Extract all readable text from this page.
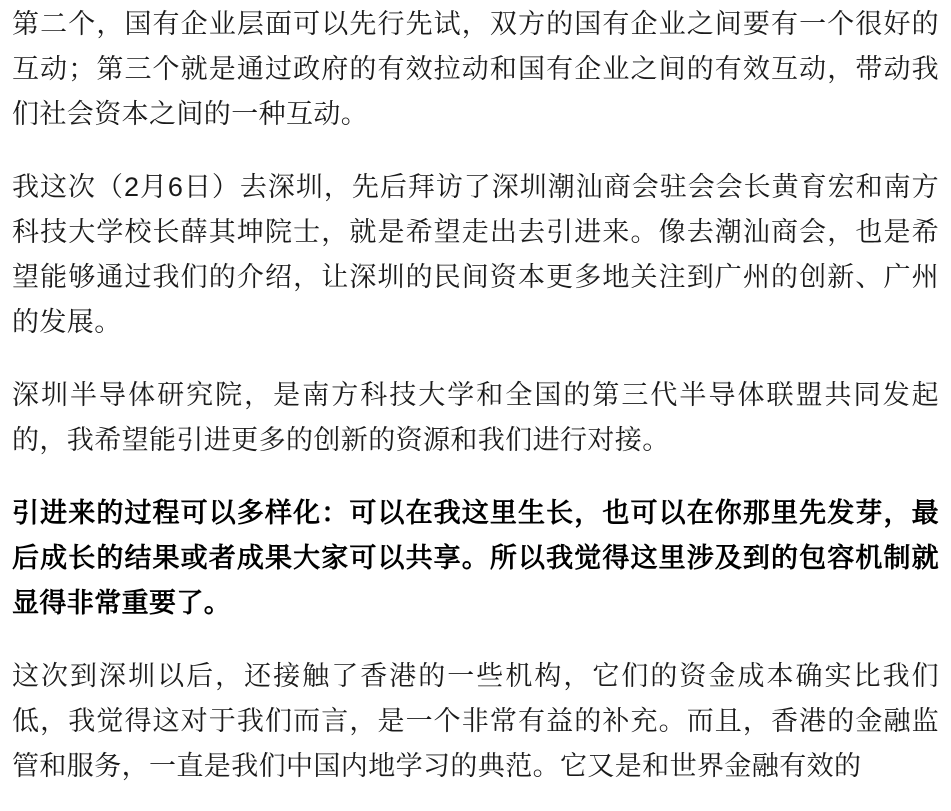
第二个，国有企业层面可以先行先试，双方的国有企业之间要有一个很好的互动；第三个就是通过政府的有效拉动和国有企业之间的有效互动，带动我们社会资本之间的一种互动。

我这次（2月6日）去深圳，先后拜访了深圳潮汕商会驻会会长黄育宏和南方科技大学校长薛其坤院士，就是希望走出去引进来。像去潮汕商会，也是希望能够通过我们的介绍，让深圳的民间资本更多地关注到广州的创新、广州的发展。

深圳半导体研究院，是南方科技大学和全国的第三代半导体联盟共同发起的，我希望能引进更多的创新的资源和我们进行对接。

引进来的过程可以多样化：可以在我这里生长，也可以在你那里先发芽，最后成长的结果或者成果大家可以共享。所以我觉得这里涉及到的包容机制就显得非常重要了。

这次到深圳以后，还接触了香港的一些机构，它们的资金成本确实比我们低，我觉得这对于我们而言，是一个非常有益的补充。而且，香港的金融监管和服务，一直是我们中国内地学习的典范。它又是和世界金融有效的
